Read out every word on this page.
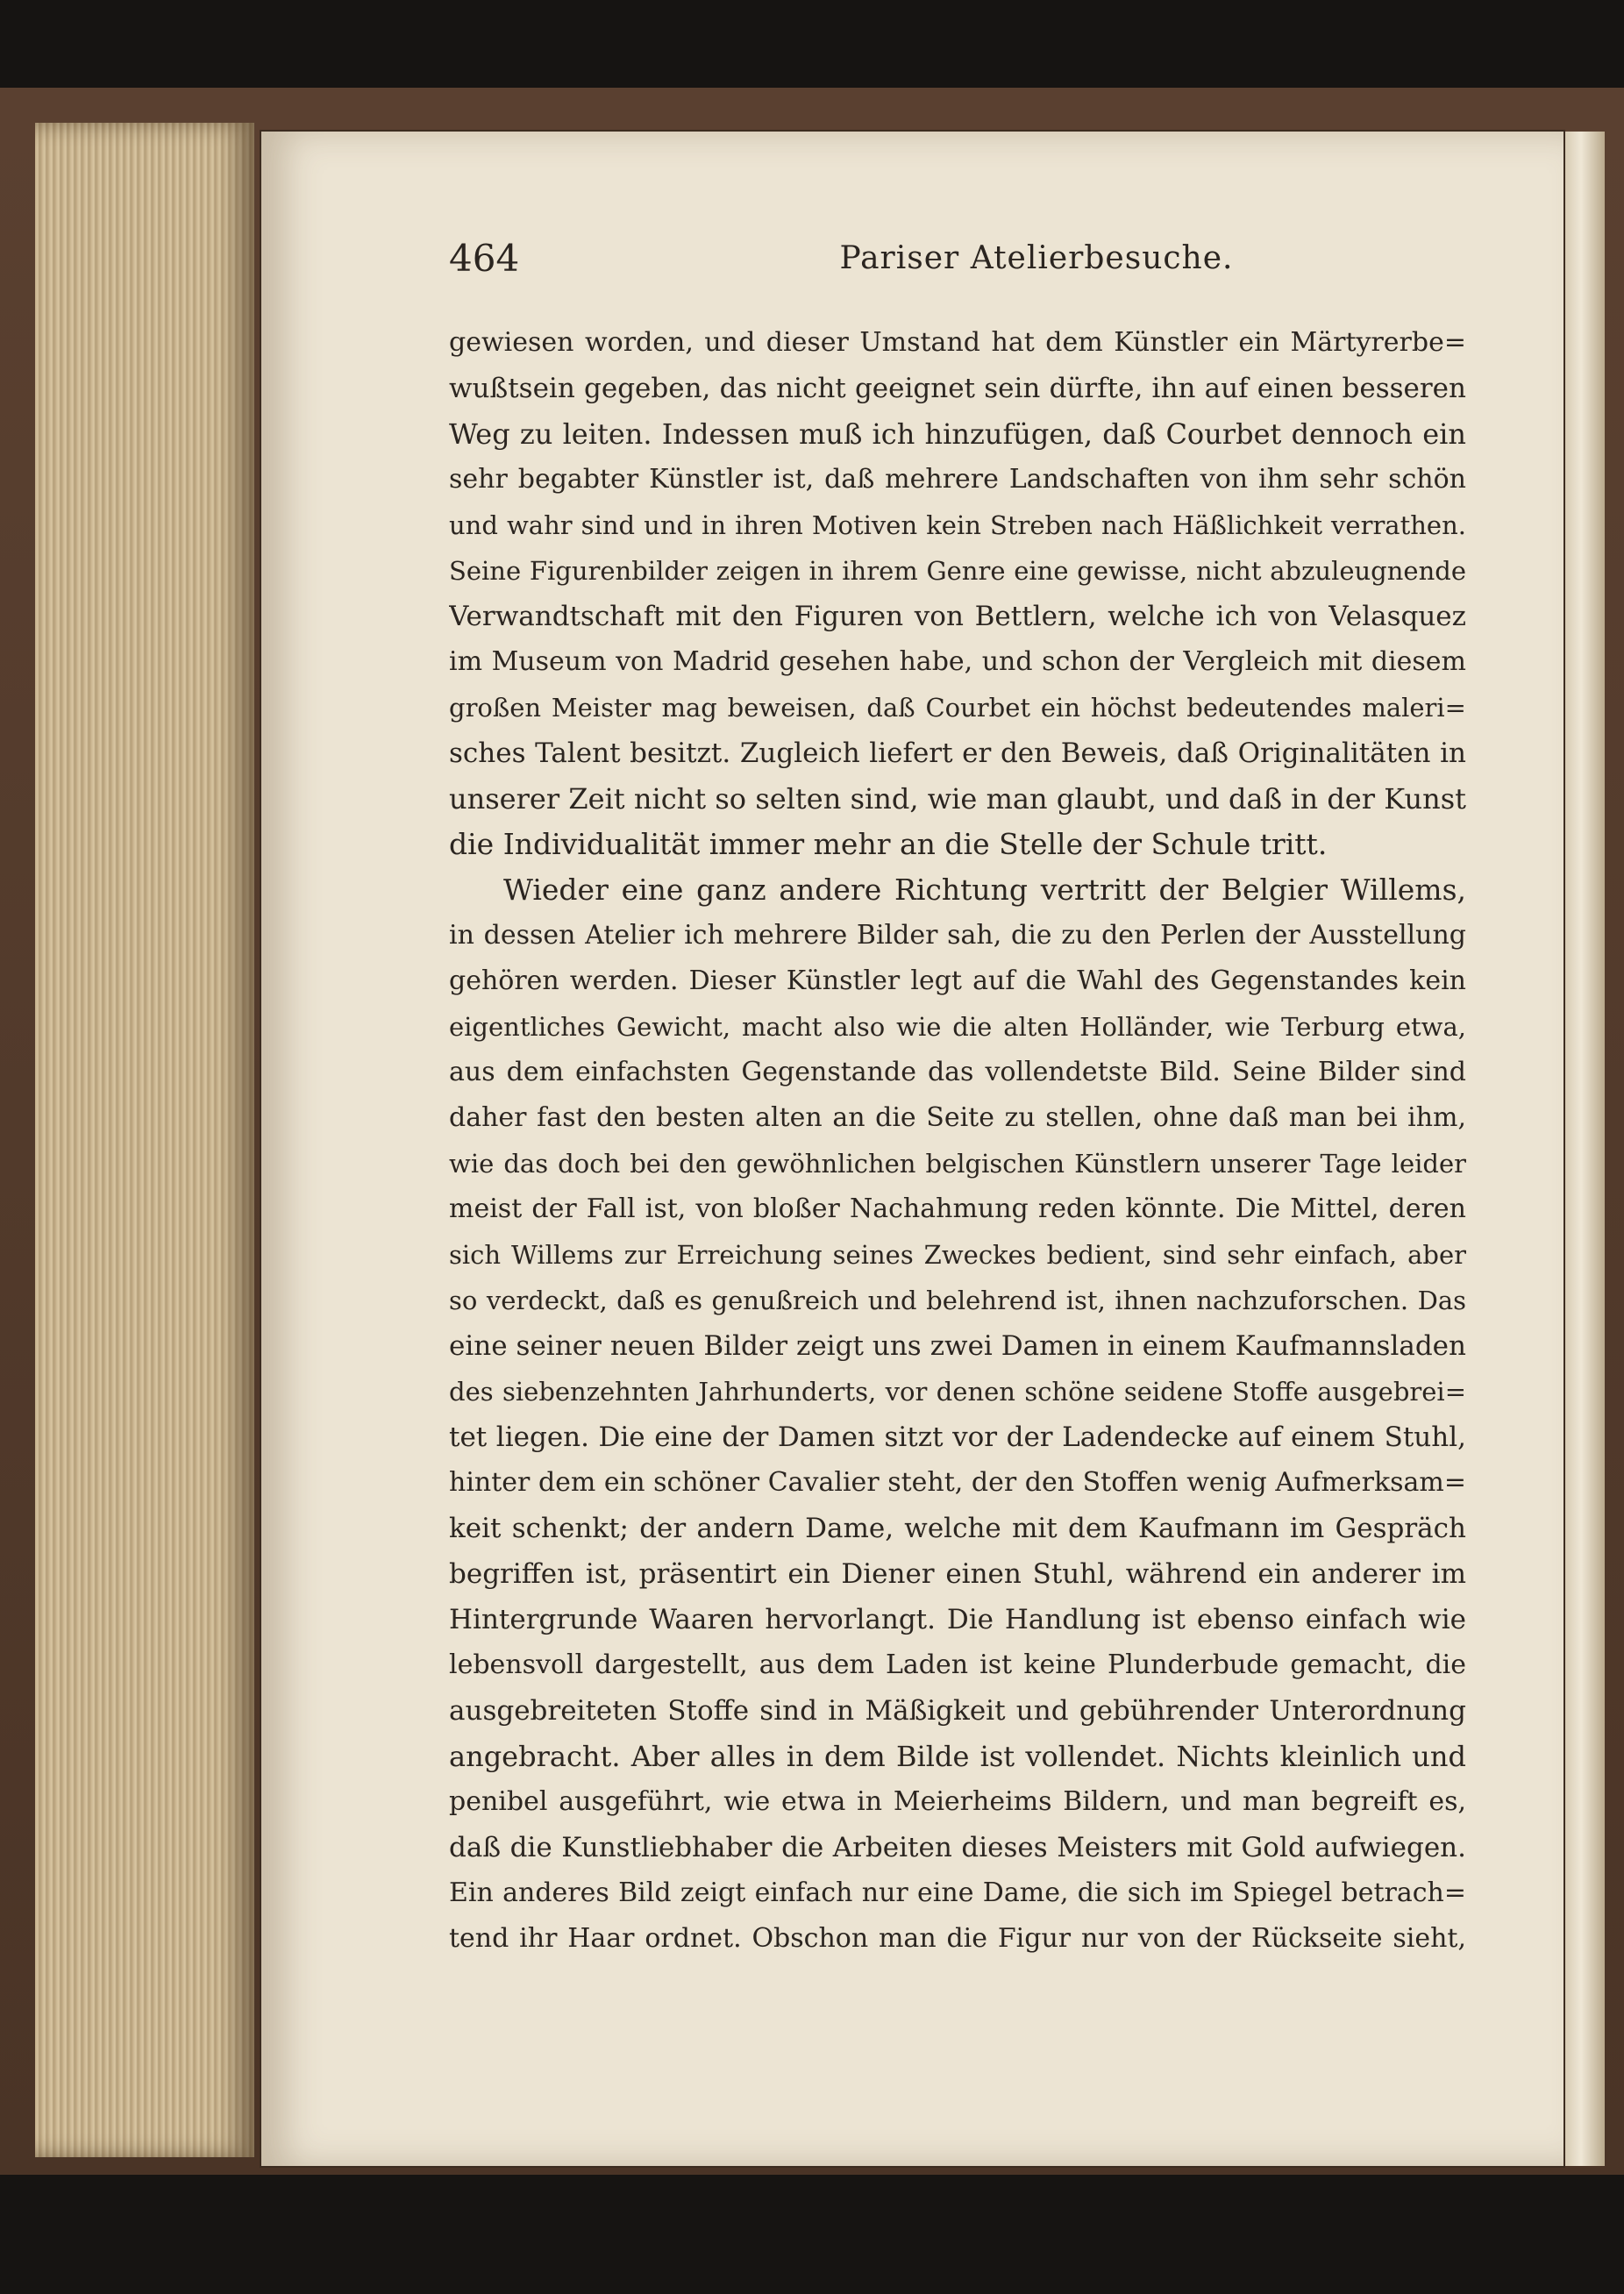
464	Pariser Atelierbesuche.
gewiesen worden, und dieser Umstand hat dem Künstler ein Märtyrerbe=
wußtsein gegeben, das nicht geeignet sein dürfte, ihn auf einen besseren
Weg zu leiten. Indessen muß ich hinzufügen, daß Courbet dennoch ein
sehr begabter Künstler ist, daß mehrere Landschaften von ihm sehr schön
und wahr sind und in ihren Motiven kein Streben nach Häßlichkeit verrathen.
Seine Figurenbilder zeigen in ihrem Genre eine gewisse, nicht abzuleugnende
Verwandtschaft mit den Figuren von Bettlern, welche ich von Velasquez
im Museum von Madrid gesehen habe, und schon der Vergleich mit diesem
großen Meister mag beweisen, daß Courbet ein höchst bedeutendes maleri=
sches Talent besitzt. Zugleich liefert er den Beweis, daß Originalitäten in
unserer Zeit nicht so selten sind, wie man glaubt, und daß in der Kunst
die Individualität immer mehr an die Stelle der Schule tritt.
Wieder eine ganz andere Richtung vertritt der Belgier Willems,
in dessen Atelier ich mehrere Bilder sah, die zu den Perlen der Ausstellung
gehören werden. Dieser Künstler legt auf die Wahl des Gegenstandes kein
eigentliches Gewicht, macht also wie die alten Holländer, wie Terburg etwa,
aus dem einfachsten Gegenstande das vollendetste Bild. Seine Bilder sind
daher fast den besten alten an die Seite zu stellen, ohne daß man bei ihm,
wie das doch bei den gewöhnlichen belgischen Künstlern unserer Tage leider
meist der Fall ist, von bloßer Nachahmung reden könnte. Die Mittel, deren
sich Willems zur Erreichung seines Zweckes bedient, sind sehr einfach, aber
so verdeckt, daß es genußreich und belehrend ist, ihnen nachzuforschen. Das
eine seiner neuen Bilder zeigt uns zwei Damen in einem Kaufmannsladen
des siebenzehnten Jahrhunderts, vor denen schöne seidene Stoffe ausgebrei=
tet liegen. Die eine der Damen sitzt vor der Ladendecke auf einem Stuhl,
hinter dem ein schöner Cavalier steht, der den Stoffen wenig Aufmerksam=
keit schenkt; der andern Dame, welche mit dem Kaufmann im Gespräch
begriffen ist, präsentirt ein Diener einen Stuhl, während ein anderer im
Hintergrunde Waaren hervorlangt. Die Handlung ist ebenso einfach wie
lebensvoll dargestellt, aus dem Laden ist keine Plunderbude gemacht, die
ausgebreiteten Stoffe sind in Mäßigkeit und gebührender Unterordnung
angebracht. Aber alles in dem Bilde ist vollendet. Nichts kleinlich und
penibel ausgeführt, wie etwa in Meierheims Bildern, und man begreift es,
daß die Kunstliebhaber die Arbeiten dieses Meisters mit Gold aufwiegen.
Ein anderes Bild zeigt einfach nur eine Dame, die sich im Spiegel betrach=
tend ihr Haar ordnet. Obschon man die Figur nur von der Rückseite sieht,
